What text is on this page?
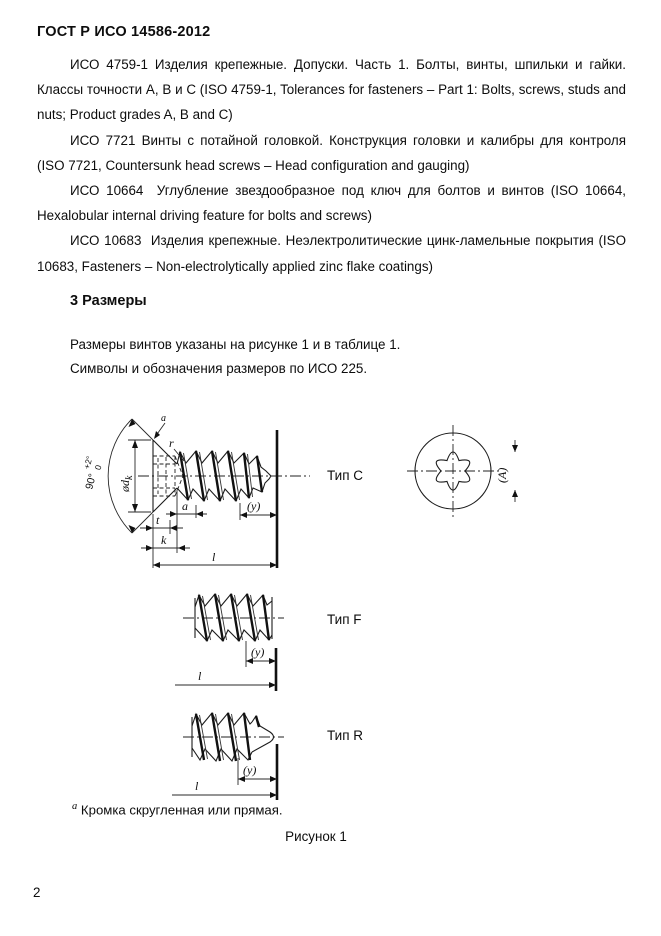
ГОСТ Р ИСО 14586-2012

ИСО 4759-1 Изделия крепежные. Допуски. Часть 1. Болты, винты, шпильки и гайки. Классы точности А, В и С (ISO 4759-1, Tolerances for fasteners – Part 1: Bolts, screws, studs and nuts; Product grades A, B and C)

ИСО 7721 Винты с потайной головкой. Конструкция головки и калибры для контроля (ISO 7721, Countersunk head screws – Head configuration and gauging)

ИСО 10664  Углубление звездообразное под ключ для болтов и винтов (ISO 10664, Hexalobular internal driving feature for bolts and screws)

ИСО 10683  Изделия крепежные. Неэлектролитические цинк-ламельные покрытия (ISO 10683, Fasteners – Non-electrolytically applied zinc flake coatings)

3 Размеры
Размеры винтов указаны на рисунке 1 и в таблице 1.
Символы и обозначения размеров по ИСО 225.
90°
+2°
0
a
r
ød
k
a	(y)
t
k
l
Тип C	(A)
(y)
l
Тип F
(y)
l
Тип R
$^a$ Кромка скругленная или прямая.
Рисунок 1
2
